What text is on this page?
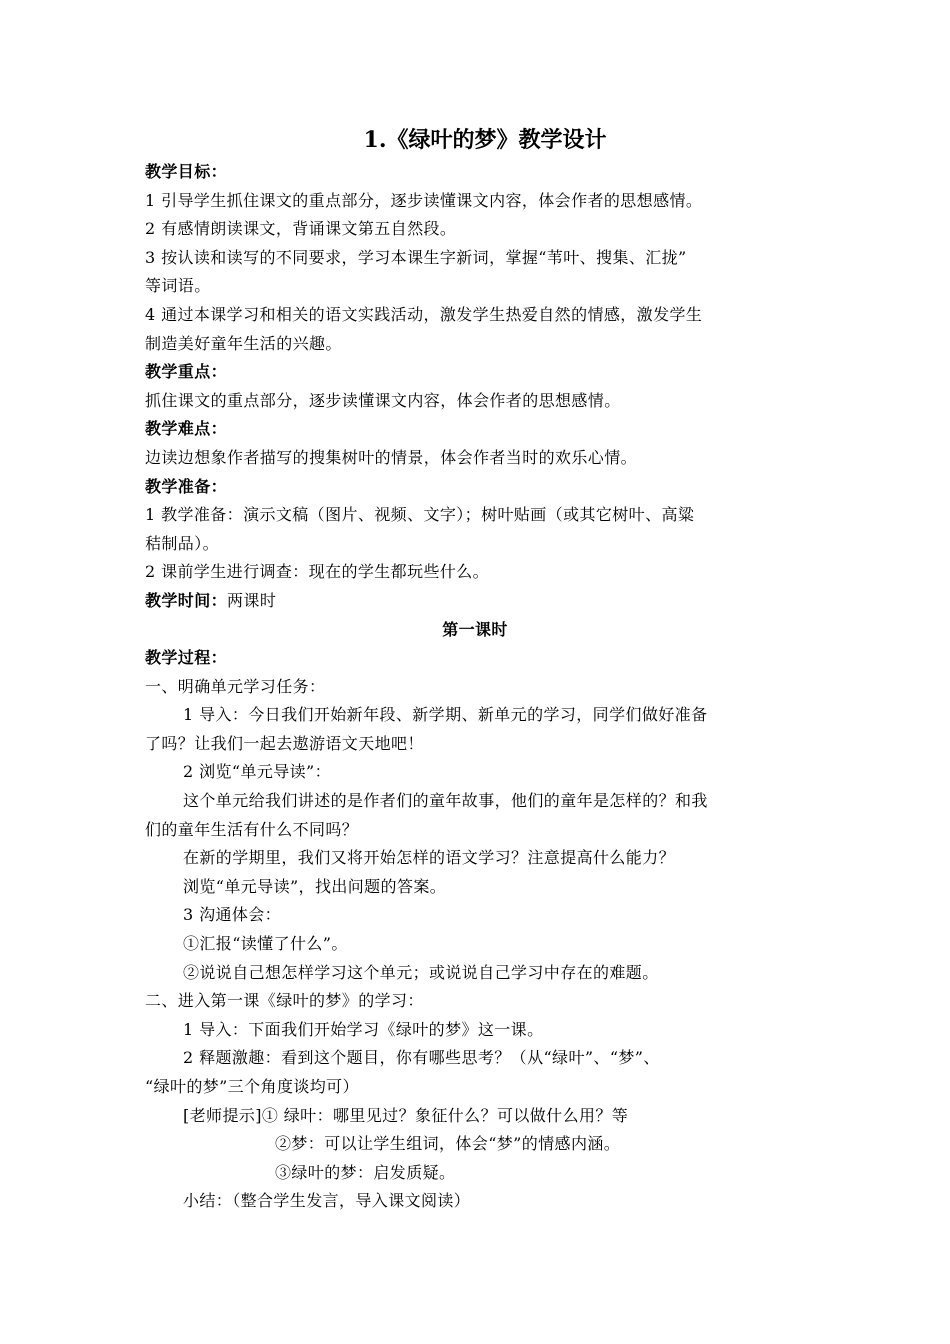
1.《绿叶的梦》教学设计
教学目标：
1 引导学生抓住课文的重点部分，逐步读懂课文内容，体会作者的思想感情。
2 有感情朗读课文，背诵课文第五自然段。
3 按认读和读写的不同要求，学习本课生字新词，掌握“苇叶、搜集、汇拢”
等词语。
4 通过本课学习和相关的语文实践活动，激发学生热爱自然的情感，激发学生
制造美好童年生活的兴趣。
教学重点：
抓住课文的重点部分，逐步读懂课文内容，体会作者的思想感情。
教学难点：
边读边想象作者描写的搜集树叶的情景，体会作者当时的欢乐心情。
教学准备：
1 教学准备：演示文稿（图片、视频、文字）；树叶贴画（或其它树叶、高粱
秸制品）。
2 课前学生进行调查：现在的学生都玩些什么。
教学时间：两课时
第一课时
教学过程：
一、明确单元学习任务：
1 导入：今日我们开始新年段、新学期、新单元的学习，同学们做好准备
了吗？让我们一起去遨游语文天地吧！
2 浏览“单元导读”：
这个单元给我们讲述的是作者们的童年故事，他们的童年是怎样的？和我
们的童年生活有什么不同吗？
在新的学期里，我们又将开始怎样的语文学习？注意提高什么能力？
浏览“单元导读”，找出问题的答案。
3 沟通体会：
①汇报“读懂了什么”。
②说说自己想怎样学习这个单元；或说说自己学习中存在的难题。
二、进入第一课《绿叶的梦》的学习：
1 导入：下面我们开始学习《绿叶的梦》这一课。
2 释题激趣：看到这个题目，你有哪些思考？（从“绿叶”、“梦”、
“绿叶的梦”三个角度谈均可）
[老师提示]① 绿叶：哪里见过？象征什么？可以做什么用？等
②梦：可以让学生组词，体会“梦”的情感内涵。
③绿叶的梦：启发质疑。
小结：（整合学生发言，导入课文阅读）
